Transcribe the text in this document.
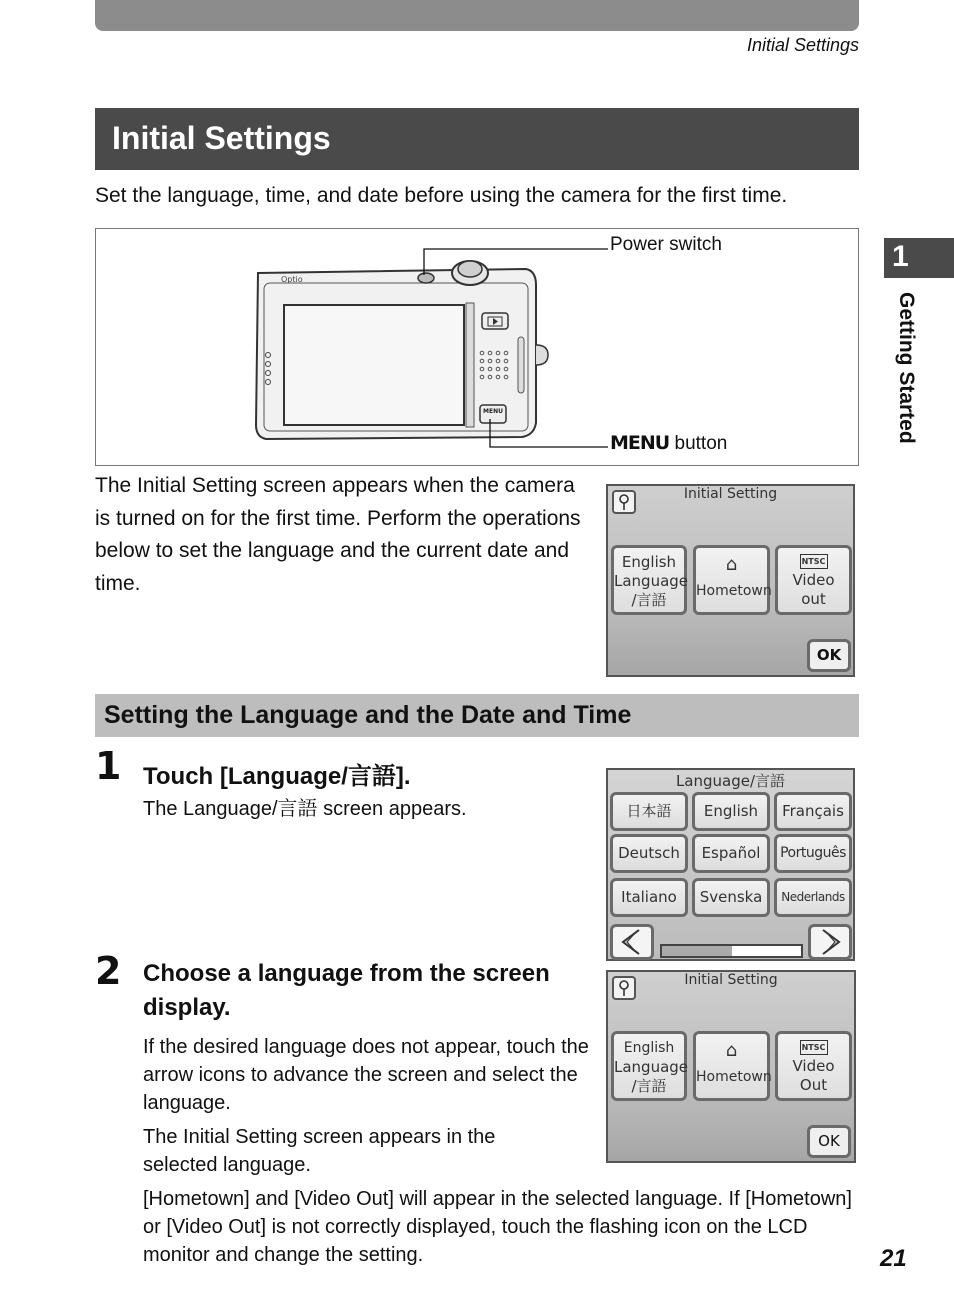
Initial Settings
Initial Settings
Set the language, time, and date before using the camera for the first time.
Optio
MENU
Power switch
MENU button
1
Getting Started
The Initial Setting screen appears when the camera is turned on for the first time. Perform the operations below to set the language and the current date and time.
Initial Setting
English
Language
/言語
⌂
Hometown
NTSC
Video
out
OK
Setting the Language and the Date and Time
1 Touch [Language/言語].
The Language/言語 screen appears.
Language/言語
日本語	English	Français
Deutsch	Español	Português
Italiano	Svenska	Nederlands
2 Choose a language from the screen
display.
If the desired language does not appear, touch the arrow icons to advance the screen and select the language.
The Initial Setting screen appears in the selected language.
[Hometown] and [Video Out] will appear in the selected language. If [Hometown] or [Video Out] is not correctly displayed, touch the flashing icon on the LCD monitor and change the setting.
Initial Setting
English
Language
/言語
⌂
Hometown
NTSC
Video
Out
OK
21
